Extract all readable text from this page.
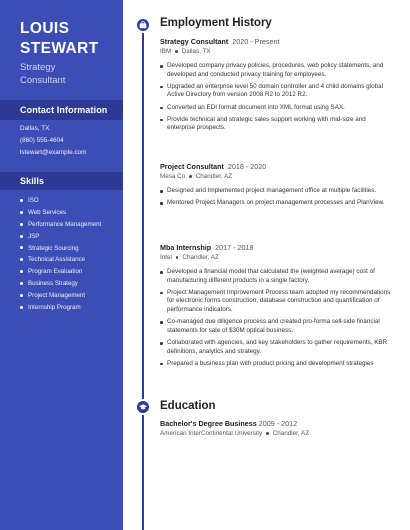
LOUIS
STEWART
Strategy
Consultant
Contact Information
Dallas, TX
(860) 555-4604
lstewart@example.com
Skills
ISO
Web Services
Performance Management
JSP
Strategic Sourcing
Technical Assistance
Program Evaluation
Business Strategy
Project Management
Internship Program
Employment History
Strategy Consultant 2020 - Present
IBM Dallas, TX
Developed company privacy policies, procedures, web policy statements, and developed and conducted privacy training for employees.
Upgraded an enterprise level 50 domain controller and 4 child domains global Active Directory from version 2008 R2 to 2012 R2.
Converted an EDI format document into XML format using SAX.
Provide technical and strategic sales support working with mid-size and enterprise prospects.
Project Consultant 2018 - 2020
Mesa Co Chandler, AZ
Designed and Implemented project management office at multiple facilities.
Mentored Project Managers on project management processes and PlanView.
Mba Internship 2017 - 2018
Intel Chandler, AZ
Developed a financial model that calculated the (weighted average) cost of manufacturing different products in a single factory.
Project Management Improvement Process team adopted my recommendations for electronic forms construction, database construction and quantification of performance indicators.
Co-managed due diligence process and created pro-forma sell-side financial statements for sale of $30M optical business.
Collaborated with agencies, and key stakeholders to gather requirements, KBR definitions, analytics and strategy.
Prepared a business plan with product pricing and development strategies
Education
Bachelor's Degree Business 2009 - 2012
American InterContinental University Chandler, AZ
